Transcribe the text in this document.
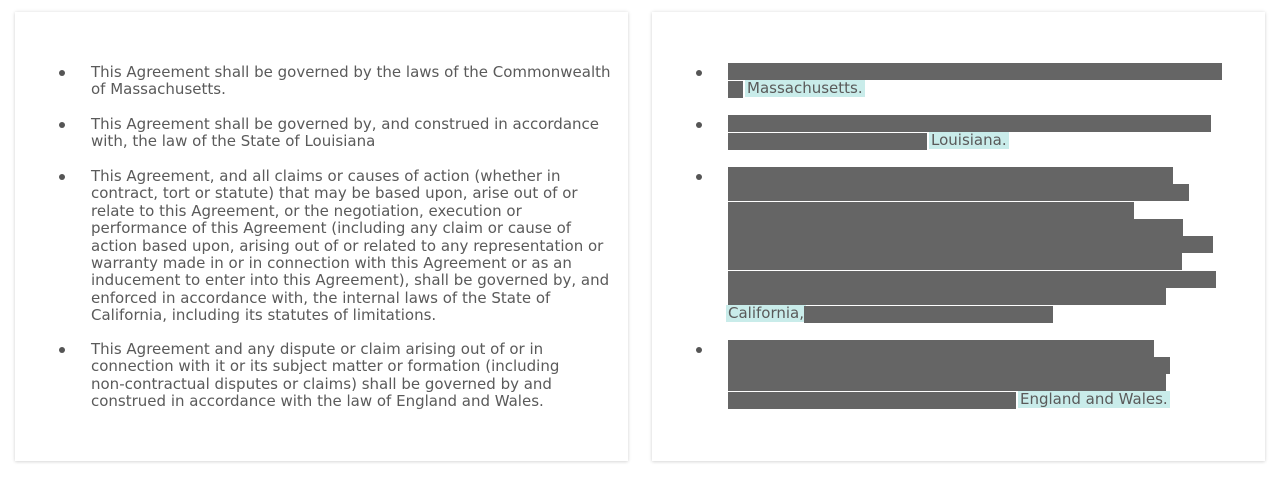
This Agreement shall be governed by the laws of the Commonwealth
of Massachusetts.
This Agreement shall be governed by, and construed in accordance
with, the law of the State of Louisiana
This Agreement, and all claims or causes of action (whether in
contract, tort or statute) that may be based upon, arise out of or
relate to this Agreement, or the negotiation, execution or
performance of this Agreement (including any claim or cause of
action based upon, arising out of or related to any representation or
warranty made in or in connection with this Agreement or as an
inducement to enter into this Agreement), shall be governed by, and
enforced in accordance with, the internal laws of the State of
California, including its statutes of limitations.
This Agreement and any dispute or claim arising out of or in
connection with it or its subject matter or formation (including
non-contractual disputes or claims) shall be governed by and
construed in accordance with the law of England and Wales.
Massachusetts.
Louisiana.
California,
England and Wales.
